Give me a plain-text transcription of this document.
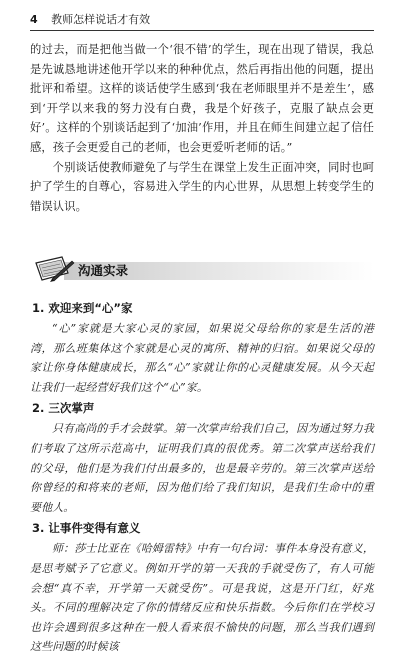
4 教师怎样说话才有效

的过去，而是把他当做一个‘很不错’的学生，现在出现了错误，我总是先诚恳地讲述他开学以来的种种优点，然后再指出他的问题，提出批评和希望。这样的谈话使学生感到‘我在老师眼里并不是差生’，感到‘开学以来我的努力没有白费，我是个好孩子，克服了缺点会更好’。这样的个别谈话起到了‘加油’作用，并且在师生间建立起了信任感，孩子会更爱自己的老师，也会更爱听老师的话。”

个别谈话使教师避免了与学生在课堂上发生正面冲突，同时也呵护了学生的自尊心，容易进入学生的内心世界，从思想上转变学生的错误认识。

沟通实录
1. 欢迎来到“心”家

“心”家就是大家心灵的家园，如果说父母给你的家是生活的港湾，那么班集体这个家就是心灵的寓所、精神的归宿。如果说父母的家让你身体健康成长，那么“心”家就让你的心灵健康发展。从今天起让我们一起经营好我们这个“心”家。

2. 三次掌声

只有高尚的手才会鼓掌。第一次掌声给我们自己，因为通过努力我们考取了这所示范高中，证明我们真的很优秀。第二次掌声送给我们的父母，他们是为我们付出最多的，也是最辛劳的。第三次掌声送给你曾经的和将来的老师，因为他们给了我们知识，是我们生命中的重要他人。

3. 让事件变得有意义

师：莎士比亚在《哈姆雷特》中有一句台词：事件本身没有意义，是思考赋予了它意义。例如开学的第一天我的手就受伤了，有人可能会想“真不幸，开学第一天就受伤”。可是我说，这是开门红，好兆头。不同的理解决定了你的情绪反应和快乐指数。今后你们在学校习也许会遇到很多这种在一般人看来很不愉快的问题，那么当我们遇到这些问题的时候该
